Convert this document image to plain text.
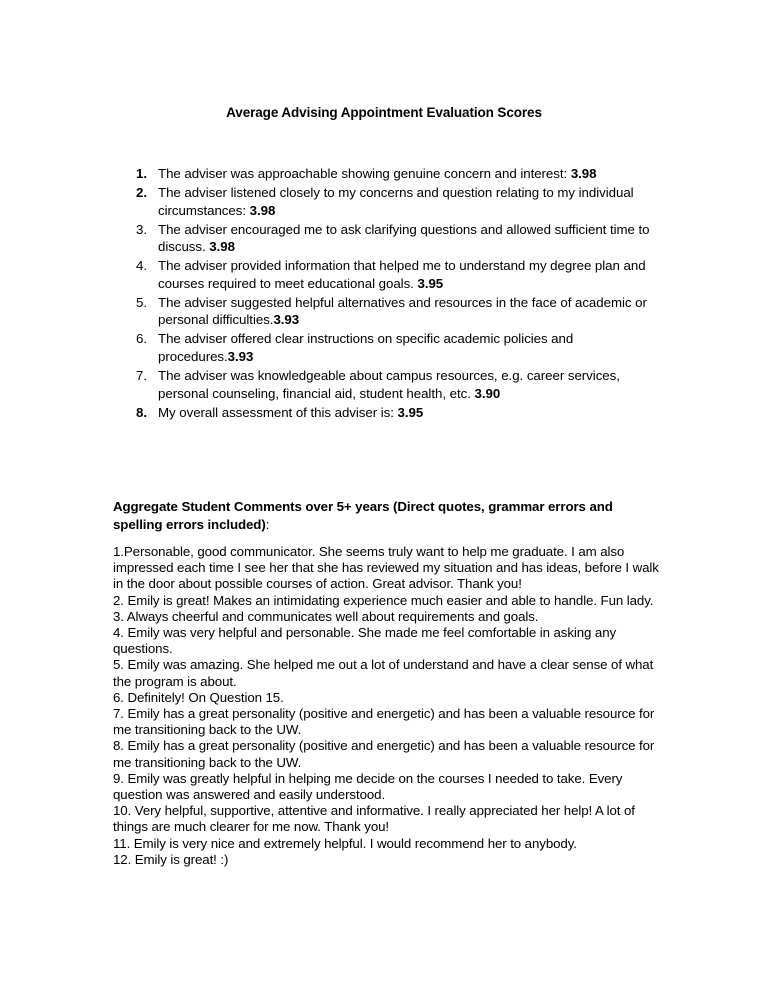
Average Advising Appointment Evaluation Scores
1. The adviser was approachable showing genuine concern and interest: 3.98
2. The adviser listened closely to my concerns and question relating to my individual circumstances: 3.98
3. The adviser encouraged me to ask clarifying questions and allowed sufficient time to discuss. 3.98
4. The adviser provided information that helped me to understand my degree plan and courses required to meet educational goals. 3.95
5. The adviser suggested helpful alternatives and resources in the face of academic or personal difficulties.3.93
6. The adviser offered clear instructions on specific academic policies and procedures.3.93
7. The adviser was knowledgeable about campus resources, e.g. career services, personal counseling, financial aid, student health, etc. 3.90
8. My overall assessment of this adviser is: 3.95
Aggregate Student Comments over 5+ years (Direct quotes, grammar errors and spelling errors included):

1.Personable, good communicator. She seems truly want to help me graduate. I am also impressed each time I see her that she has reviewed my situation and has ideas, before I walk in the door about possible courses of action. Great advisor. Thank you!

2. Emily is great! Makes an intimidating experience much easier and able to handle. Fun lady.

3. Always cheerful and communicates well about requirements and goals.

4. Emily was very helpful and personable. She made me feel comfortable in asking any questions.

5. Emily was amazing. She helped me out a lot of understand and have a clear sense of what the program is about.

6. Definitely! On Question 15.

7. Emily has a great personality (positive and energetic) and has been a valuable resource for me transitioning back to the UW.

8. Emily has a great personality (positive and energetic) and has been a valuable resource for me transitioning back to the UW.

9. Emily was greatly helpful in helping me decide on the courses I needed to take. Every question was answered and easily understood.

10. Very helpful, supportive, attentive and informative. I really appreciated her help! A lot of things are much clearer for me now. Thank you!

11. Emily is very nice and extremely helpful. I would recommend her to anybody.

12. Emily is great! :)
